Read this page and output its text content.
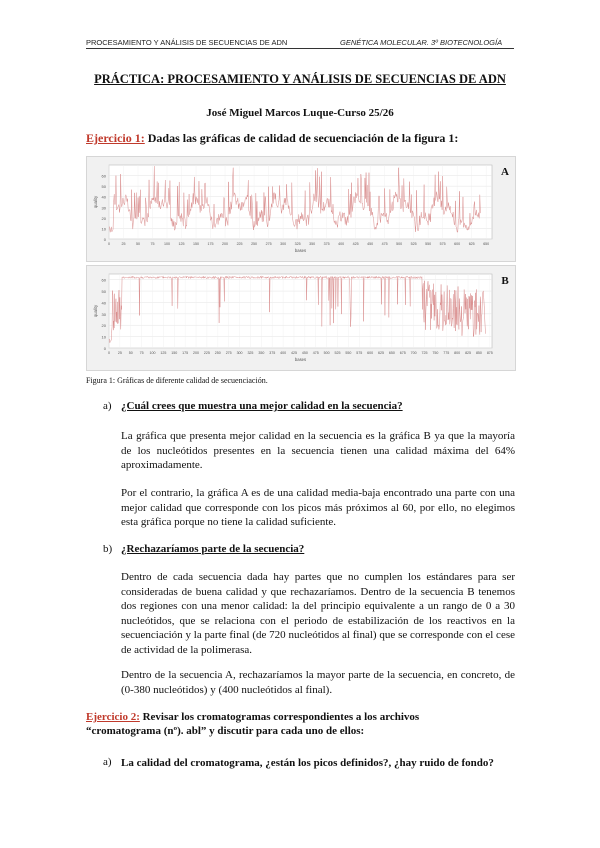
PROCESAMIENTO Y ANÁLISIS DE SECUENCIAS DE ADN	GENÉTICA MOLECULAR. 3º BIOTECNOLOGÍA
PRÁCTICA: PROCESAMIENTO Y ANÁLISIS DE SECUENCIAS DE ADN
José Miguel Marcos Luque-Curso 25/26
Ejercicio 1: Dadas las gráficas de calidad de secuenciación de la figura 1:
0
10
20
30
40
50
60
0	25	50	75	100 125 150 175 200 225 250 275 300 325 350 375 400 425 450 475 500 525 550 575 600 625 650
bases
quality
A
0
10
20
30
40
50
60
0 25 50 75 100 125 150 175 200 225 250 275 300 325 350 375 400 425 450 475 500 525 550 575 600 625 650 675 700 725 750 775 800 825 850 875
bases
quality
B
Figura 1: Gráficas de diferente calidad de secuenciación.
a) ¿Cuál crees que muestra una mejor calidad en la secuencia?
La gráfica que presenta mejor calidad en la secuencia es la gráfica B ya que la mayoría de los nucleótidos presentes en la secuencia tienen una calidad máxima del 64% aproximadamente.
Por el contrario, la gráfica A es de una calidad media-baja encontrado una parte con una mejor calidad que corresponde con los picos más próximos al 60, por ello, no elegimos esta gráfica porque no tiene la calidad suficiente.
b) ¿Rechazaríamos parte de la secuencia?
Dentro de cada secuencia dada hay partes que no cumplen los estándares para ser consideradas de buena calidad y que rechazaríamos. Dentro de la secuencia B tenemos dos regiones con una menor calidad: la del principio equivalente a un rango de 0 a 30 nucleótidos, que se relaciona con el periodo de estabilización de los reactivos en la secuenciación y la parte final (de 720 nucleótidos al final) que se corresponde con el cese de actividad de la polimerasa.
Dentro de la secuencia A, rechazaríamos la mayor parte de la secuencia, en concreto, de (0-380 nucleótidos) y (400 nucleótidos al final).
Ejercicio 2: Revisar los cromatogramas correspondientes a los archivos
“cromatograma (nº). abl” y discutir para cada uno de ellos:
a) La calidad del cromatograma, ¿están los picos definidos?, ¿hay ruido de fondo?
